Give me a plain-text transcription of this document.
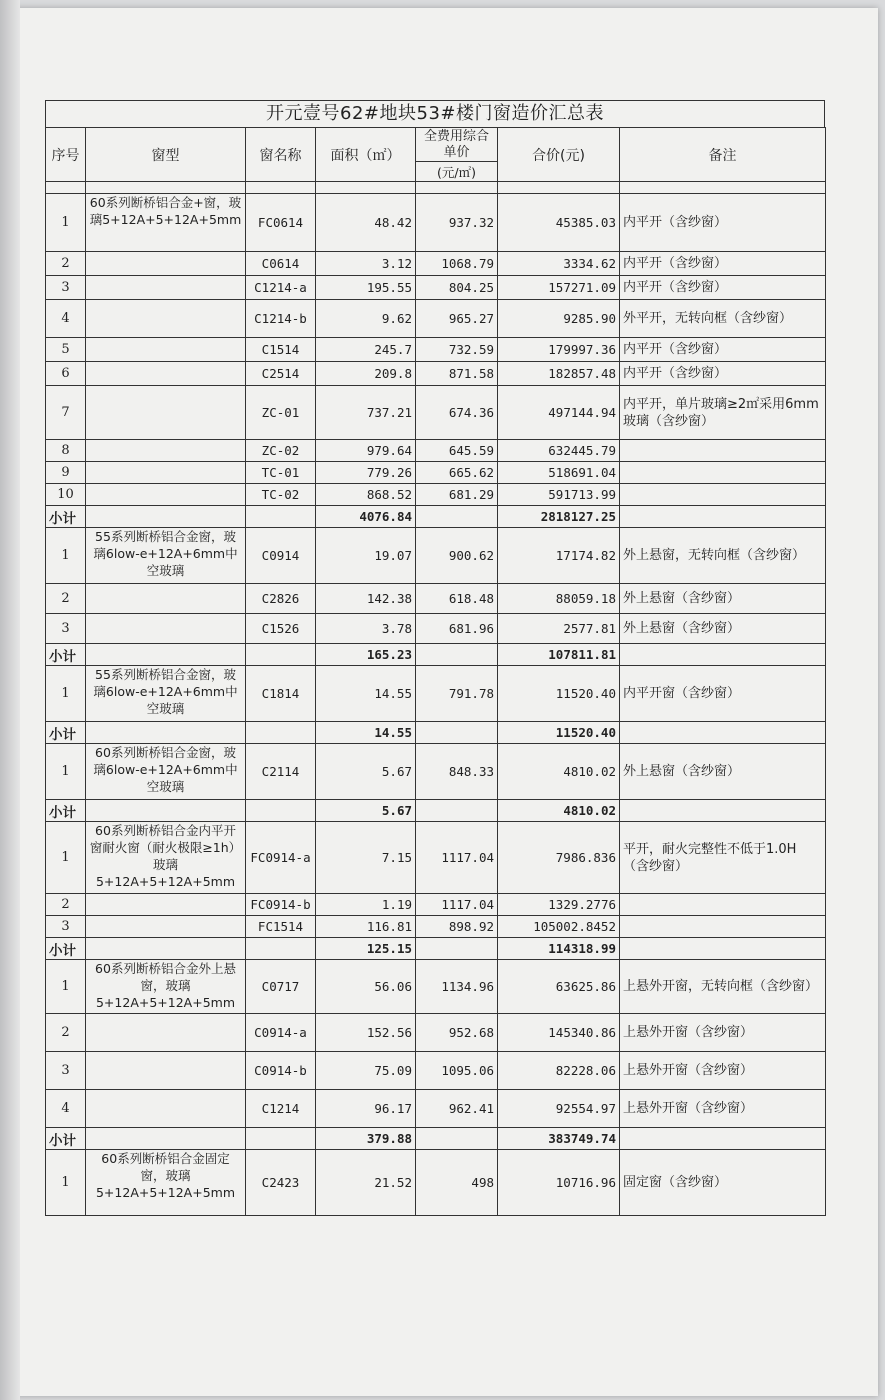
开元壹号62#地块53#楼门窗造价汇总表
序号	窗型	窗名称	面积（㎡）	全费用综合单价	合价(元)	备注
				(元/㎡)		

1	60系列断桥铝合金+窗，玻璃5+12A+5+12A+5mm	FC0614	48.42	937.32	45385.03	内平开（含纱窗）
2		C0614	3.12	1068.79	3334.62	内平开（含纱窗）
3		C1214-a	195.55	804.25	157271.09	内平开（含纱窗）
4		C1214-b	9.62	965.27	9285.90	外平开，无转向框（含纱窗）
5		C1514	245.7	732.59	179997.36	内平开（含纱窗）
6		C2514	209.8	871.58	182857.48	内平开（含纱窗）
7		ZC-01	737.21	674.36	497144.94	内平开，单片玻璃≥2㎡采用6mm玻璃（含纱窗）
8		ZC-02	979.64	645.59	632445.79	
9		TC-01	779.26	665.62	518691.04	
10		TC-02	868.52	681.29	591713.99	
小计			4076.84		2818127.25	
1	55系列断桥铝合金窗，玻璃6low-e+12A+6mm中空玻璃	C0914	19.07	900.62	17174.82	外上悬窗，无转向框（含纱窗）
2		C2826	142.38	618.48	88059.18	外上悬窗（含纱窗）
3		C1526	3.78	681.96	2577.81	外上悬窗（含纱窗）
小计			165.23		107811.81	
1	55系列断桥铝合金窗，玻璃6low-e+12A+6mm中空玻璃	C1814	14.55	791.78	11520.40	内平开窗（含纱窗）
小计			14.55		11520.40	
1	60系列断桥铝合金窗，玻璃6low-e+12A+6mm中空玻璃	C2114	5.67	848.33	4810.02	外上悬窗（含纱窗）
小计			5.67		4810.02	
1	60系列断桥铝合金内平开窗耐火窗（耐火极限≥1h）玻璃5+12A+5+12A+5mm	FC0914-a	7.15	1117.04	7986.836	平开，耐火完整性不低于1.0H（含纱窗）
2		FC0914-b	1.19	1117.04	1329.2776	
3		FC1514	116.81	898.92	105002.8452	
小计			125.15		114318.99	
1	60系列断桥铝合金外上悬窗，玻璃5+12A+5+12A+5mm	C0717	56.06	1134.96	63625.86	上悬外开窗，无转向框（含纱窗）
2		C0914-a	152.56	952.68	145340.86	上悬外开窗（含纱窗）
3		C0914-b	75.09	1095.06	82228.06	上悬外开窗（含纱窗）
4		C1214	96.17	962.41	92554.97	上悬外开窗（含纱窗）
小计			379.88		383749.74	
1	60系列断桥铝合金固定窗，玻璃5+12A+5+12A+5mm	C2423	21.52	498	10716.96	固定窗（含纱窗）
